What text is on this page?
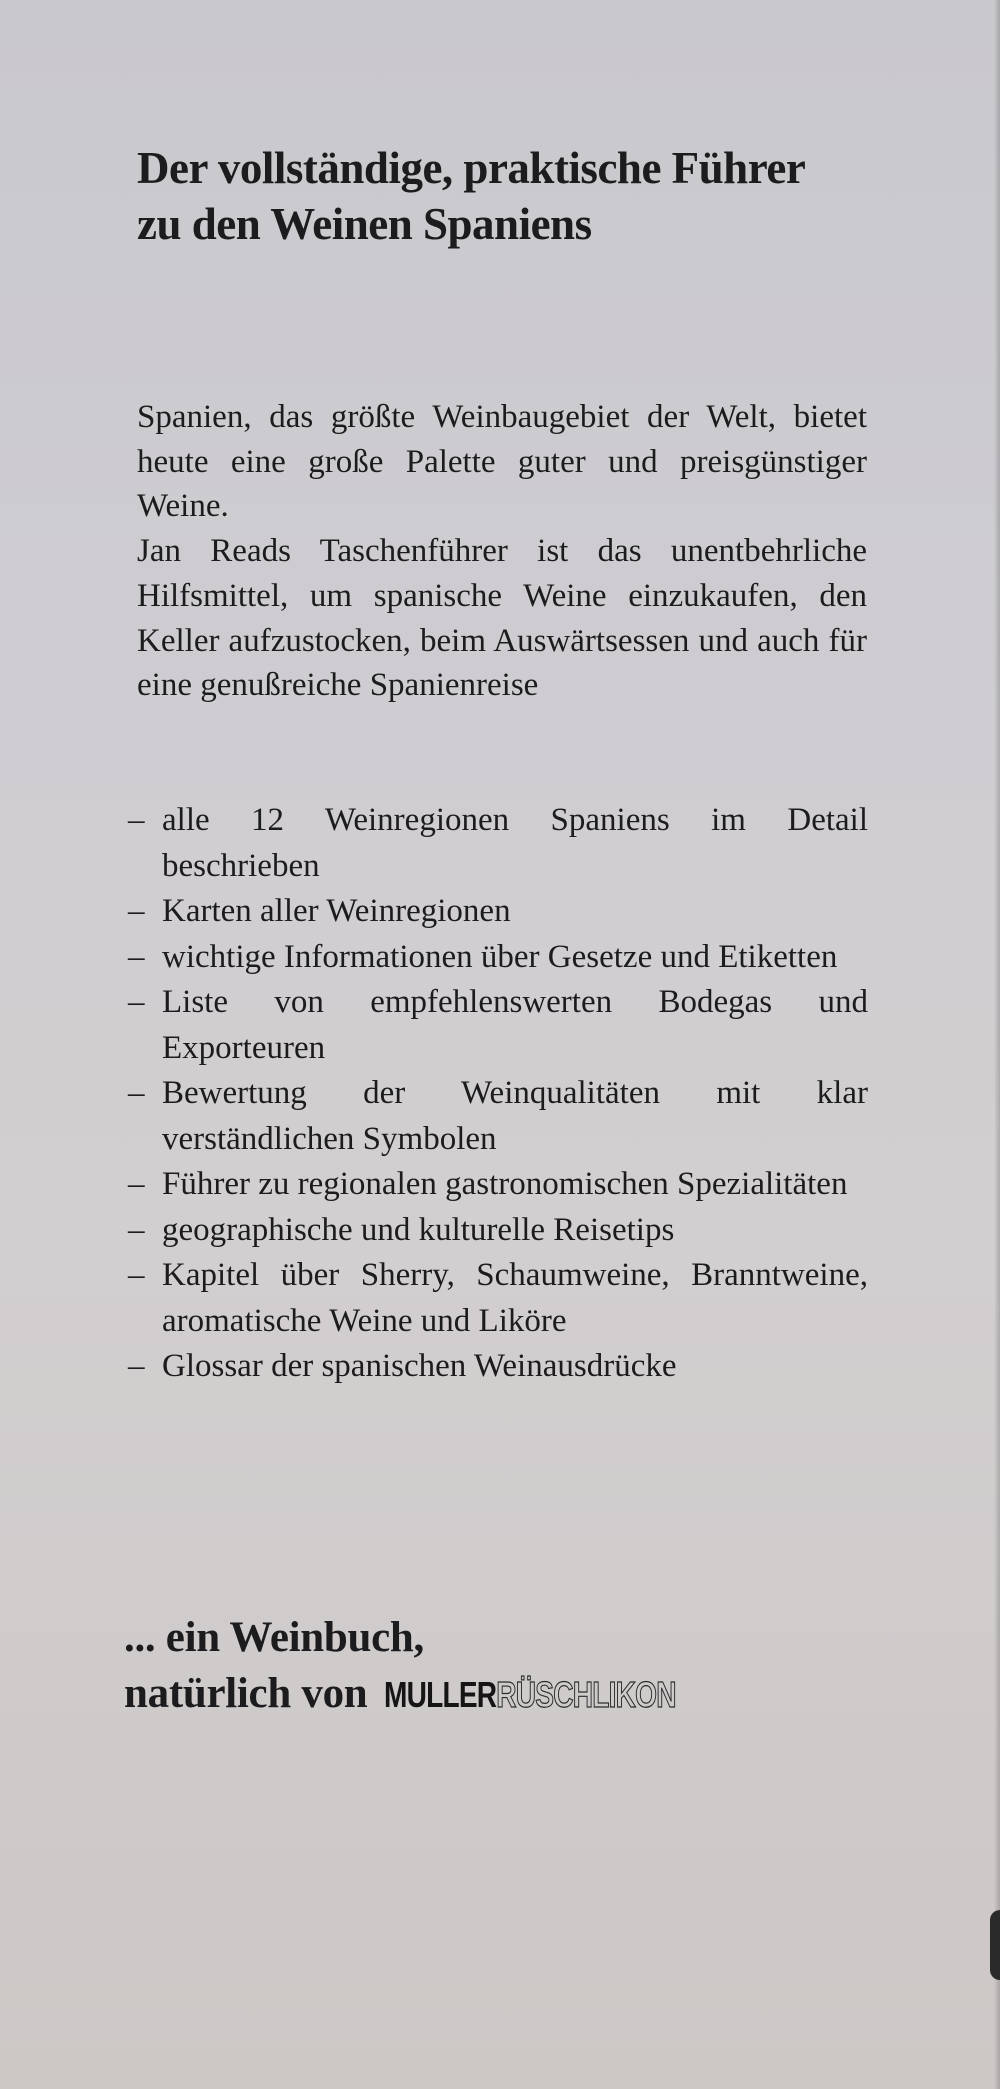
Der vollständige, praktische Führer
zu den Weinen Spaniens

Spanien, das größte Weinbaugebiet der Welt, bietet heute eine große Palette guter und preisgünstiger Weine.

Jan Reads Taschenführer ist das unentbehrliche Hilfsmittel, um spanische Weine einzukaufen, den Keller aufzustocken, beim Auswärtsessen und auch für eine genußreiche Spanienreise

– alle 12 Weinregionen Spaniens im Detail beschrieben
– Karten aller Weinregionen
– wichtige Informationen über Gesetze und Etiketten
– Liste von empfehlenswerten Bodegas und Exporteuren
– Bewertung der Weinqualitäten mit klar verständlichen Symbolen
– Führer zu regionalen gastronomischen Spezialitäten
– geographische und kulturelle Reisetips
– Kapitel über Sherry, Schaumweine, Branntweine, aromatische Weine und Liköre
– Glossar der spanischen Weinausdrücke
... ein Weinbuch,
natürlich von MULLERRÜSCHLIKON
